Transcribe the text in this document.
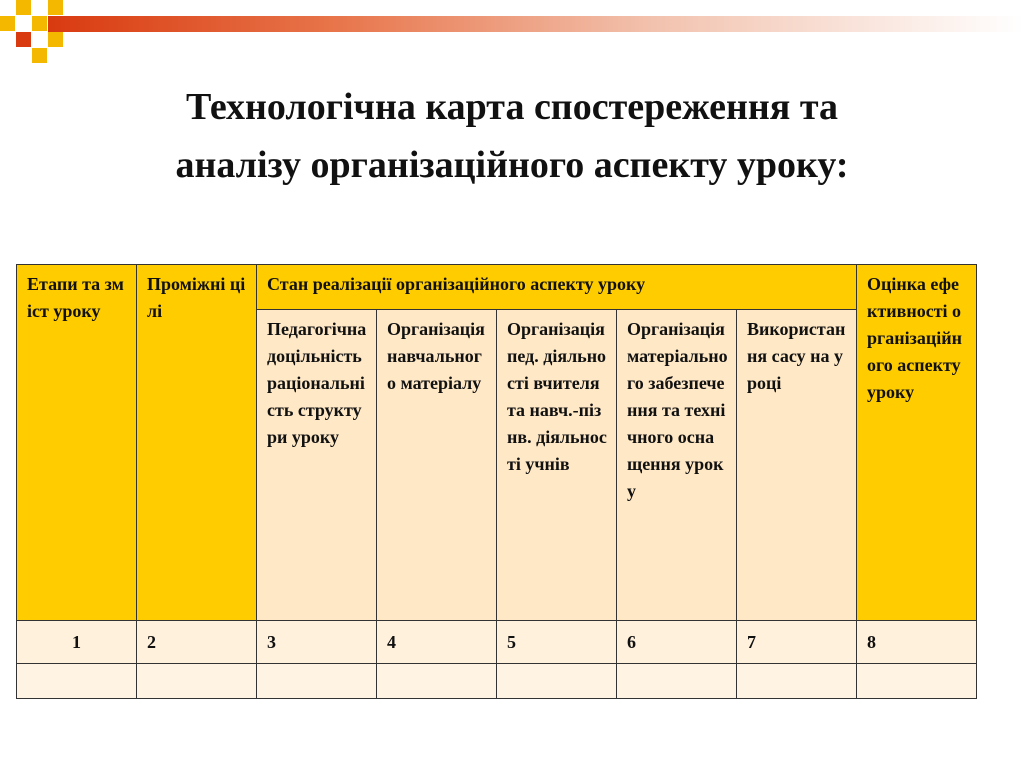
Технологічна карта спостереження та
аналізу організаційного аспекту уроку:
Етапи та зміст уроку	Проміжні цілі	Стан реалізації організаційного аспекту уроку					Оцінка ефективності організаційного аспекту уроку
		Педагогічна доцільність раціональність структури уроку	Організація навчального матеріалу	Організація пед. діяльності вчителя та навч.-пізнв. діяльності учнів	Організація матеріального забезпечення та технічного оснащення уроку	Використання сасу на уроці	
1	2	3	4	5	6	7	8
